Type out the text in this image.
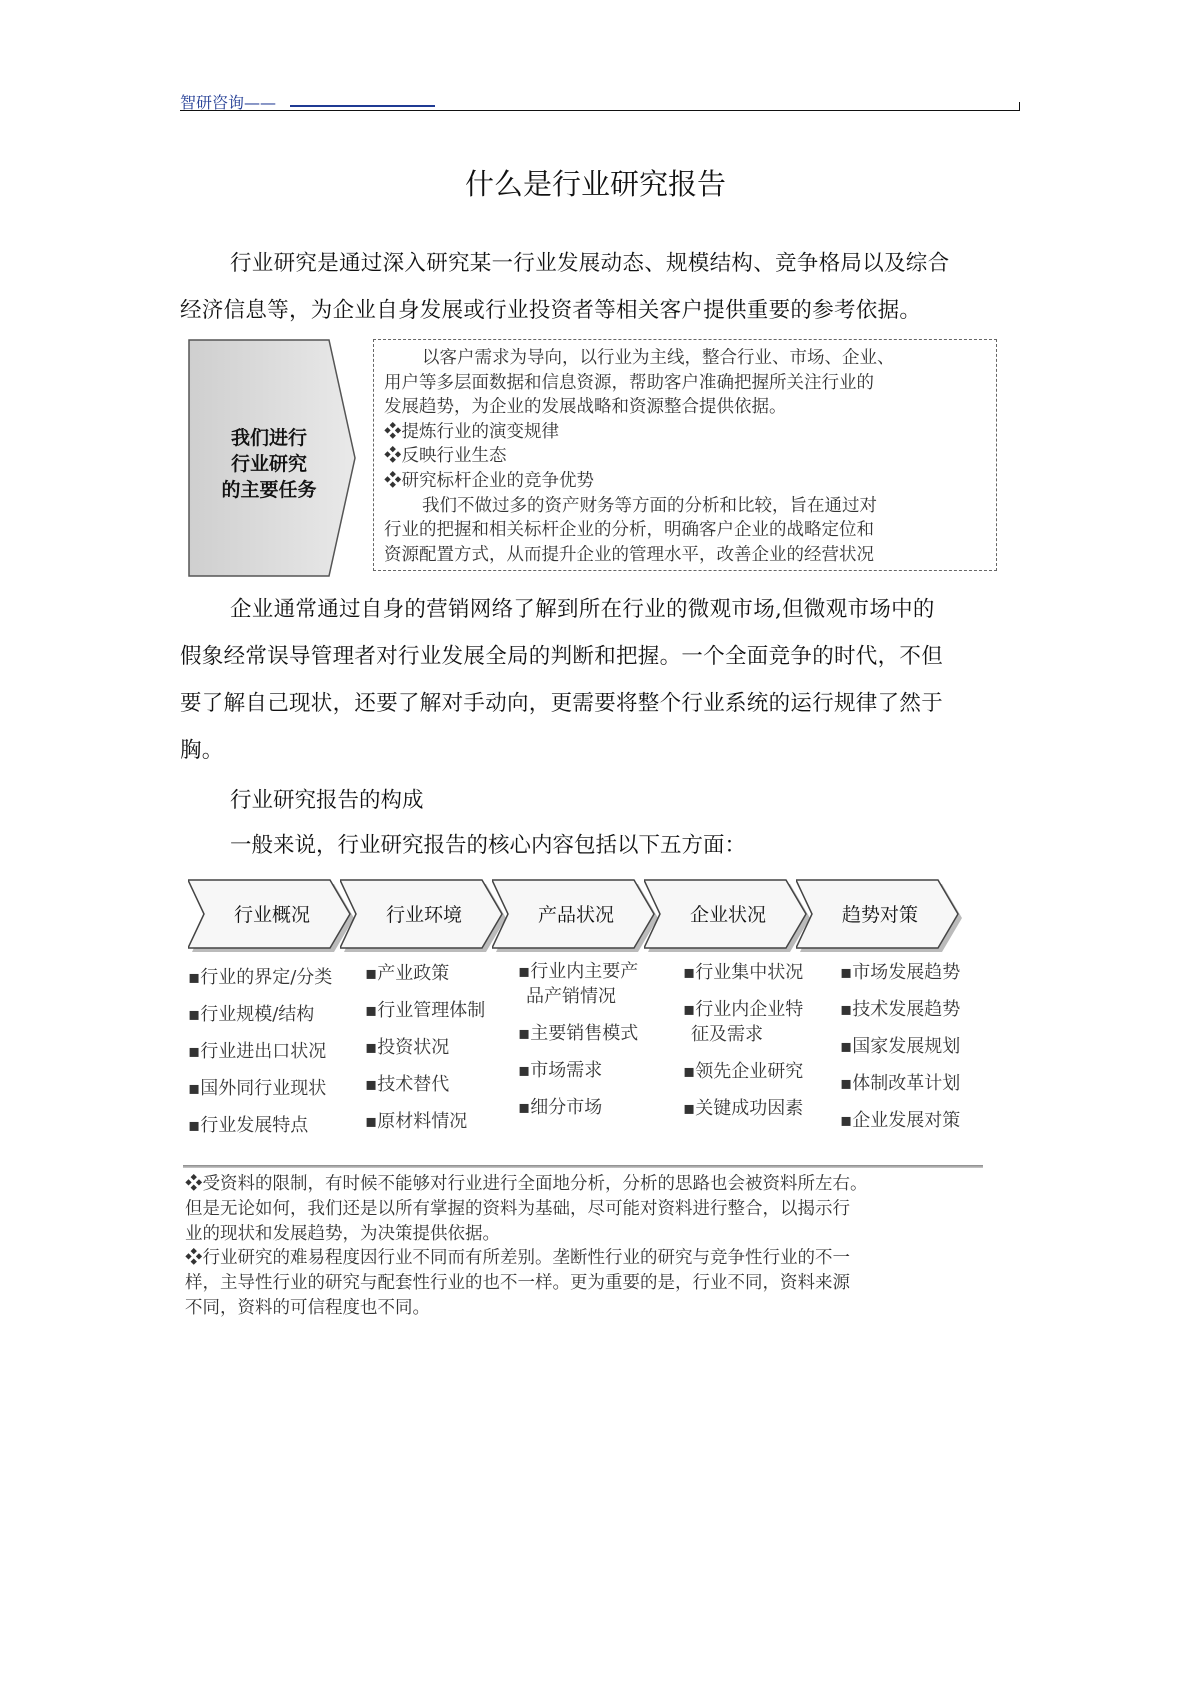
智研咨询——
什么是行业研究报告
行业研究是通过深入研究某一行业发展动态、规模结构、竞争格局以及综合
经济信息等，为企业自身发展或行业投资者等相关客户提供重要的参考依据。
我们进行
行业研究
的主要任务
以客户需求为导向，以行业为主线，整合行业、市场、企业、
用户等多层面数据和信息资源，帮助客户准确把握所关注行业的
发展趋势，为企业的发展战略和资源整合提供依据。
❖提炼行业的演变规律
❖反映行业生态
❖研究标杆企业的竞争优势
我们不做过多的资产财务等方面的分析和比较，旨在通过对
行业的把握和相关标杆企业的分析，明确客户企业的战略定位和
资源配置方式，从而提升企业的管理水平，改善企业的经营状况
企业通常通过自身的营销网络了解到所在行业的微观市场,但微观市场中的
假象经常误导管理者对行业发展全局的判断和把握。一个全面竞争的时代，不但
要了解自己现状，还要了解对手动向，更需要将整个行业系统的运行规律了然于
胸。
行业研究报告的构成
一般来说，行业研究报告的核心内容包括以下五方面：
行业概况	行业环境	产品状况	企业状况	趋势对策
▪行业的界定/分类
▪行业规模/结构
▪行业进出口状况
▪国外同行业现状
▪行业发展特点
▪产业政策
▪行业管理体制
▪投资状况
▪技术替代
▪原材料情况
▪行业内主要产
品产销情况
▪主要销售模式
▪市场需求
▪细分市场
▪行业集中状况
▪行业内企业特
征及需求
▪领先企业研究
▪关键成功因素
▪市场发展趋势
▪技术发展趋势
▪国家发展规划
▪体制改革计划
▪企业发展对策
❖受资料的限制，有时候不能够对行业进行全面地分析，分析的思路也会被资料所左右。
但是无论如何，我们还是以所有掌握的资料为基础，尽可能对资料进行整合，以揭示行
业的现状和发展趋势，为决策提供依据。
❖行业研究的难易程度因行业不同而有所差别。垄断性行业的研究与竞争性行业的不一
样，主导性行业的研究与配套性行业的也不一样。更为重要的是，行业不同，资料来源
不同，资料的可信程度也不同。
